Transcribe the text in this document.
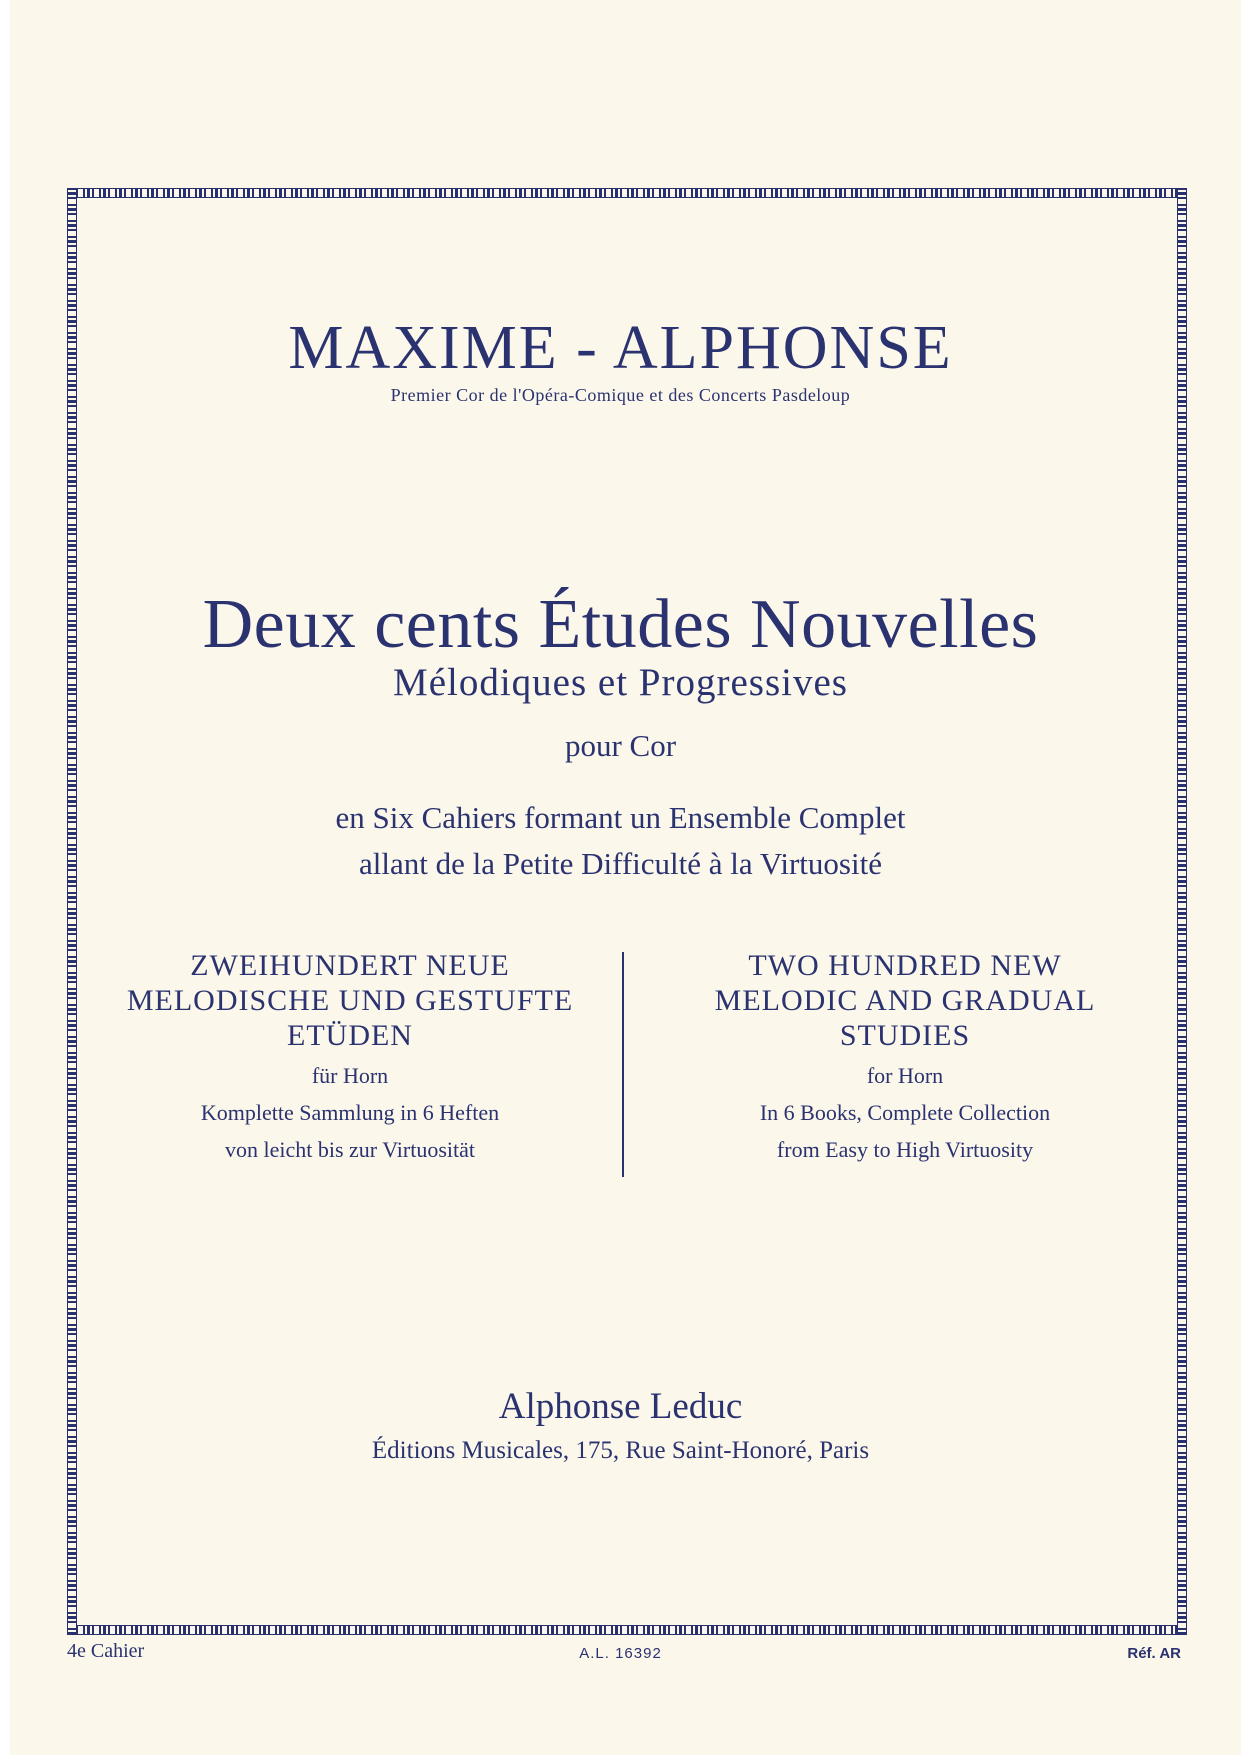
MAXIME - ALPHONSE
Premier Cor de l'Opéra-Comique et des Concerts Pasdeloup
Deux cents Études Nouvelles
Mélodiques et Progressives
pour Cor
en Six Cahiers formant un Ensemble Complet
allant de la Petite Difficulté à la Virtuosité
ZWEIHUNDERT NEUE
MELODISCHE UND GESTUFTE
ETÜDEN
für Horn
Komplette Sammlung in 6 Heften
von leicht bis zur Virtuosität
TWO HUNDRED NEW
MELODIC AND GRADUAL
STUDIES
for Horn
In 6 Books, Complete Collection
from Easy to High Virtuosity
Alphonse Leduc
Éditions Musicales, 175, Rue Saint-Honoré, Paris
4e Cahier	A.L. 16392	Réf. AR
